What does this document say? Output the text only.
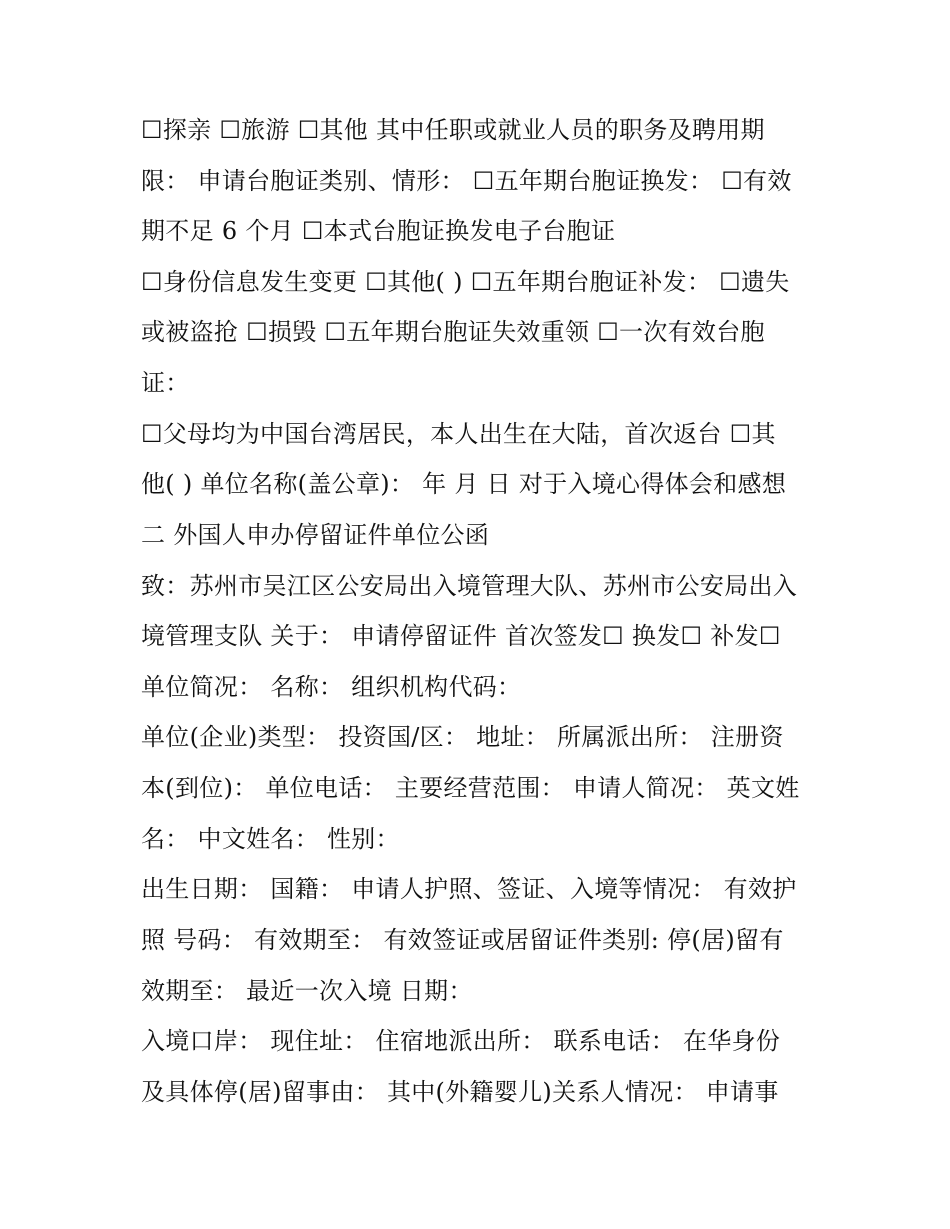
☐探亲 ☐旅游 ☐其他 其中任职或就业人员的职务及聘用期

限： 申请台胞证类别、情形： ☐五年期台胞证换发： ☐有效

期不足 6 个月 ☐本式台胞证换发电子台胞证

☐身份信息发生变更 ☐其他( ) ☐五年期台胞证补发： ☐遗失

或被盗抢 ☐损毁 ☐五年期台胞证失效重领 ☐一次有效台胞

证：

☐父母均为中国台湾居民，本人出生在大陆，首次返台 ☐其

他( ) 单位名称(盖公章)： 年 月 日 对于入境心得体会和感想

二 外国人申办停留证件单位公函

致：苏州市吴江区公安局出入境管理大队、苏州市公安局出入

境管理支队 关于： 申请停留证件 首次签发☐ 换发☐ 补发☐

单位简况： 名称： 组织机构代码：

单位(企业)类型： 投资国/区： 地址： 所属派出所： 注册资

本(到位)： 单位电话： 主要经营范围： 申请人简况： 英文姓

名： 中文姓名： 性别：

出生日期： 国籍： 申请人护照、签证、入境等情况： 有效护

照 号码： 有效期至： 有效签证或居留证件类别: 停(居)留有

效期至： 最近一次入境 日期：

入境口岸： 现住址： 住宿地派出所： 联系电话： 在华身份

及具体停(居)留事由： 其中(外籍婴儿)关系人情况： 申请事
